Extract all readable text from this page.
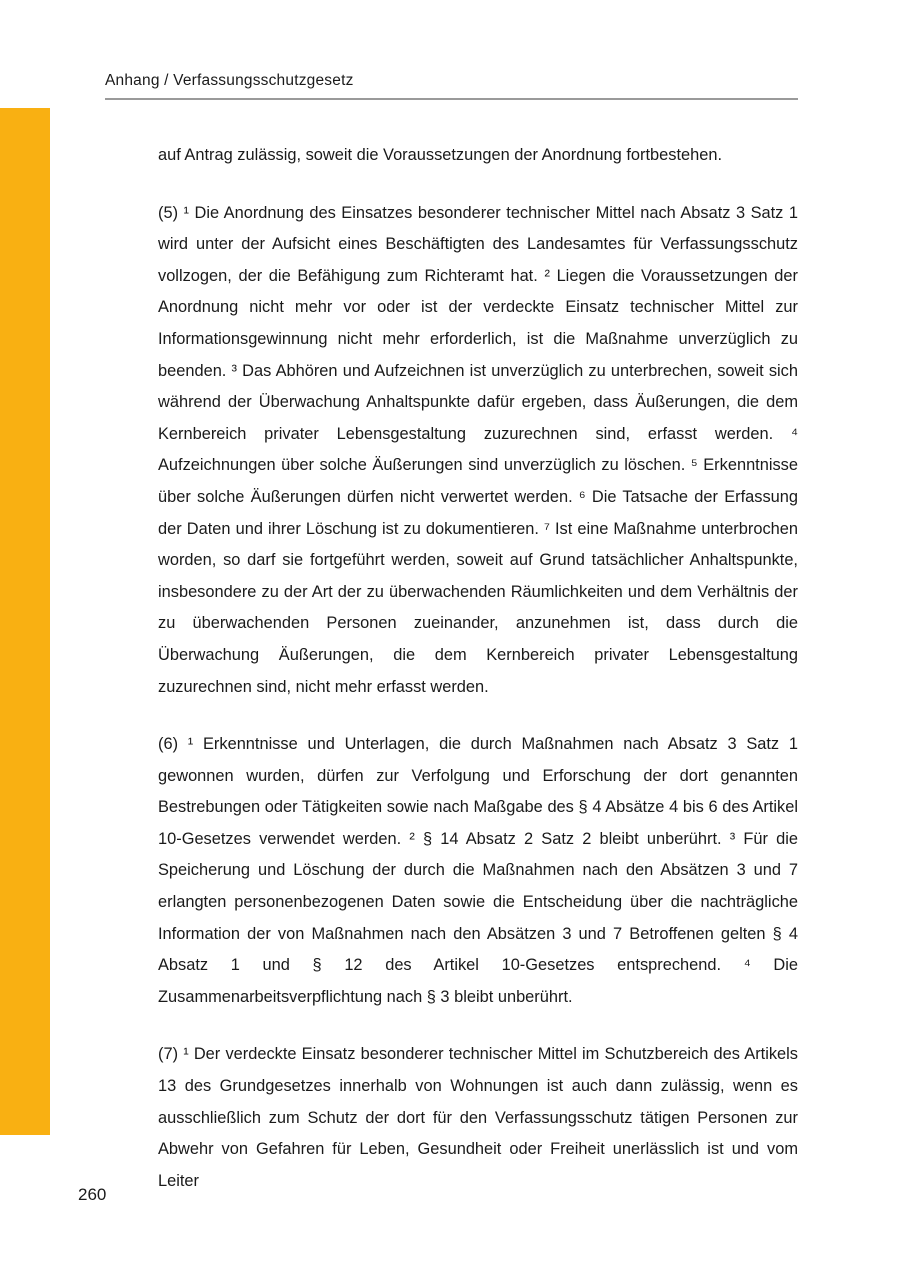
Anhang / Verfassungsschutzgesetz

auf Antrag zulässig, soweit die Voraussetzungen der Anordnung fortbestehen.

(5) ¹ Die Anordnung des Einsatzes besonderer technischer Mittel nach Absatz 3 Satz 1 wird unter der Aufsicht eines Beschäftigten des Landesamtes für Verfassungsschutz vollzogen, der die Befähigung zum Richteramt hat. ² Liegen die Voraussetzungen der Anordnung nicht mehr vor oder ist der verdeckte Einsatz technischer Mittel zur Informationsgewinnung nicht mehr erforderlich, ist die Maßnahme unverzüglich zu beenden. ³ Das Abhören und Aufzeichnen ist unverzüglich zu unterbrechen, soweit sich während der Überwachung Anhaltspunkte dafür ergeben, dass Äußerungen, die dem Kernbereich privater Lebensgestaltung zuzurechnen sind, erfasst werden. ⁴ Aufzeichnungen über solche Äußerungen sind unverzüglich zu löschen. ⁵ Erkenntnisse über solche Äußerungen dürfen nicht verwertet werden. ⁶ Die Tatsache der Erfassung der Daten und ihrer Löschung ist zu dokumentieren. ⁷ Ist eine Maßnahme unterbrochen worden, so darf sie fortgeführt werden, soweit auf Grund tatsächlicher Anhaltspunkte, insbesondere zu der Art der zu überwachenden Räumlichkeiten und dem Verhältnis der zu überwachenden Personen zueinander, anzunehmen ist, dass durch die Überwachung Äußerungen, die dem Kernbereich privater Lebensgestaltung zuzurechnen sind, nicht mehr erfasst werden.

(6) ¹ Erkenntnisse und Unterlagen, die durch Maßnahmen nach Absatz 3 Satz 1 gewonnen wurden, dürfen zur Verfolgung und Erforschung der dort genannten Bestrebungen oder Tätigkeiten sowie nach Maßgabe des § 4 Absätze 4 bis 6 des Artikel 10-Gesetzes verwendet werden. ² § 14 Absatz 2 Satz 2 bleibt unberührt. ³ Für die Speicherung und Löschung der durch die Maßnahmen nach den Absätzen 3 und 7 erlangten personenbezogenen Daten sowie die Entscheidung über die nachträgliche Information der von Maßnahmen nach den Absätzen 3 und 7 Betroffenen gelten § 4 Absatz 1 und § 12 des Artikel 10-Gesetzes entsprechend. ⁴ Die Zusammenarbeitsverpflichtung nach § 3 bleibt unberührt.

(7) ¹ Der verdeckte Einsatz besonderer technischer Mittel im Schutzbereich des Artikels 13 des Grundgesetzes innerhalb von Wohnungen ist auch dann zulässig, wenn es ausschließlich zum Schutz der dort für den Verfassungsschutz tätigen Personen zur Abwehr von Gefahren für Leben, Gesundheit oder Freiheit unerlässlich ist und vom Leiter

260
